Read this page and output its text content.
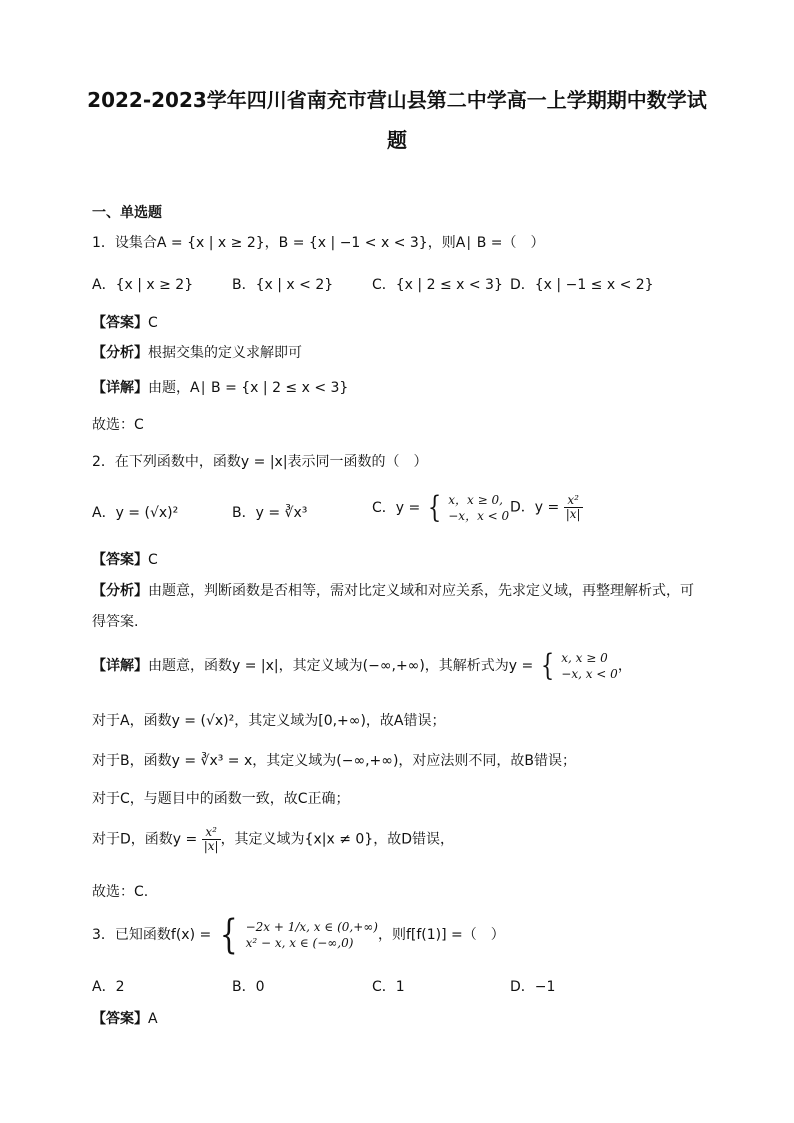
2022-2023学年四川省南充市营山县第二中学高一上学期期中数学试
题
一、单选题
1．设集合A = {x | x ≥ 2}，B = {x | −1 < x < 3}，则A∣ B =（　）
A．{x | x ≥ 2}	B．{x | x < 2}	C．{x | 2 ≤ x < 3} D．{x | −1 ≤ x < 2}
【答案】C
【分析】根据交集的定义求解即可
【详解】由题，A∣ B = {x | 2 ≤ x < 3}
故选：C
2．在下列函数中，函数y = |x|表示同一函数的（　）
A．y = (√x)²	B．y = ∛x³	C．y = { x，x ≥ 0,
−x，x < 0
D．$y = \frac{\text{x²}}{|x|}$
【答案】C
【分析】由题意，判断函数是否相等，需对比定义域和对应关系，先求定义域，再整理解析式，可
得答案.
【详解】由题意，函数y = |x|，其定义域为(−∞,+∞)，其解析式为y = { x, x ≥ 0
−x, x < 0 ，
对于A，函数y = (√x)²，其定义域为[0,+∞)，故A错误；
对于B，函数y = ∛x³ = x，其定义域为(−∞,+∞)，对应法则不同，故B错误；
对于C，与题目中的函数一致，故C正确；
对于D，函数$y = \frac{\text{x²}}{|x|}$ ，其定义域为{x|x ≠ 0}，故D错误，
故选：C.
3．已知函数f(x) = { −2x + 1/x, x ∈ (0,+∞)
x² − x, x ∈ (−∞,0)	，则f[f(1)] =（　）
A．2	B．0	C．1	D．−1
【答案】A
